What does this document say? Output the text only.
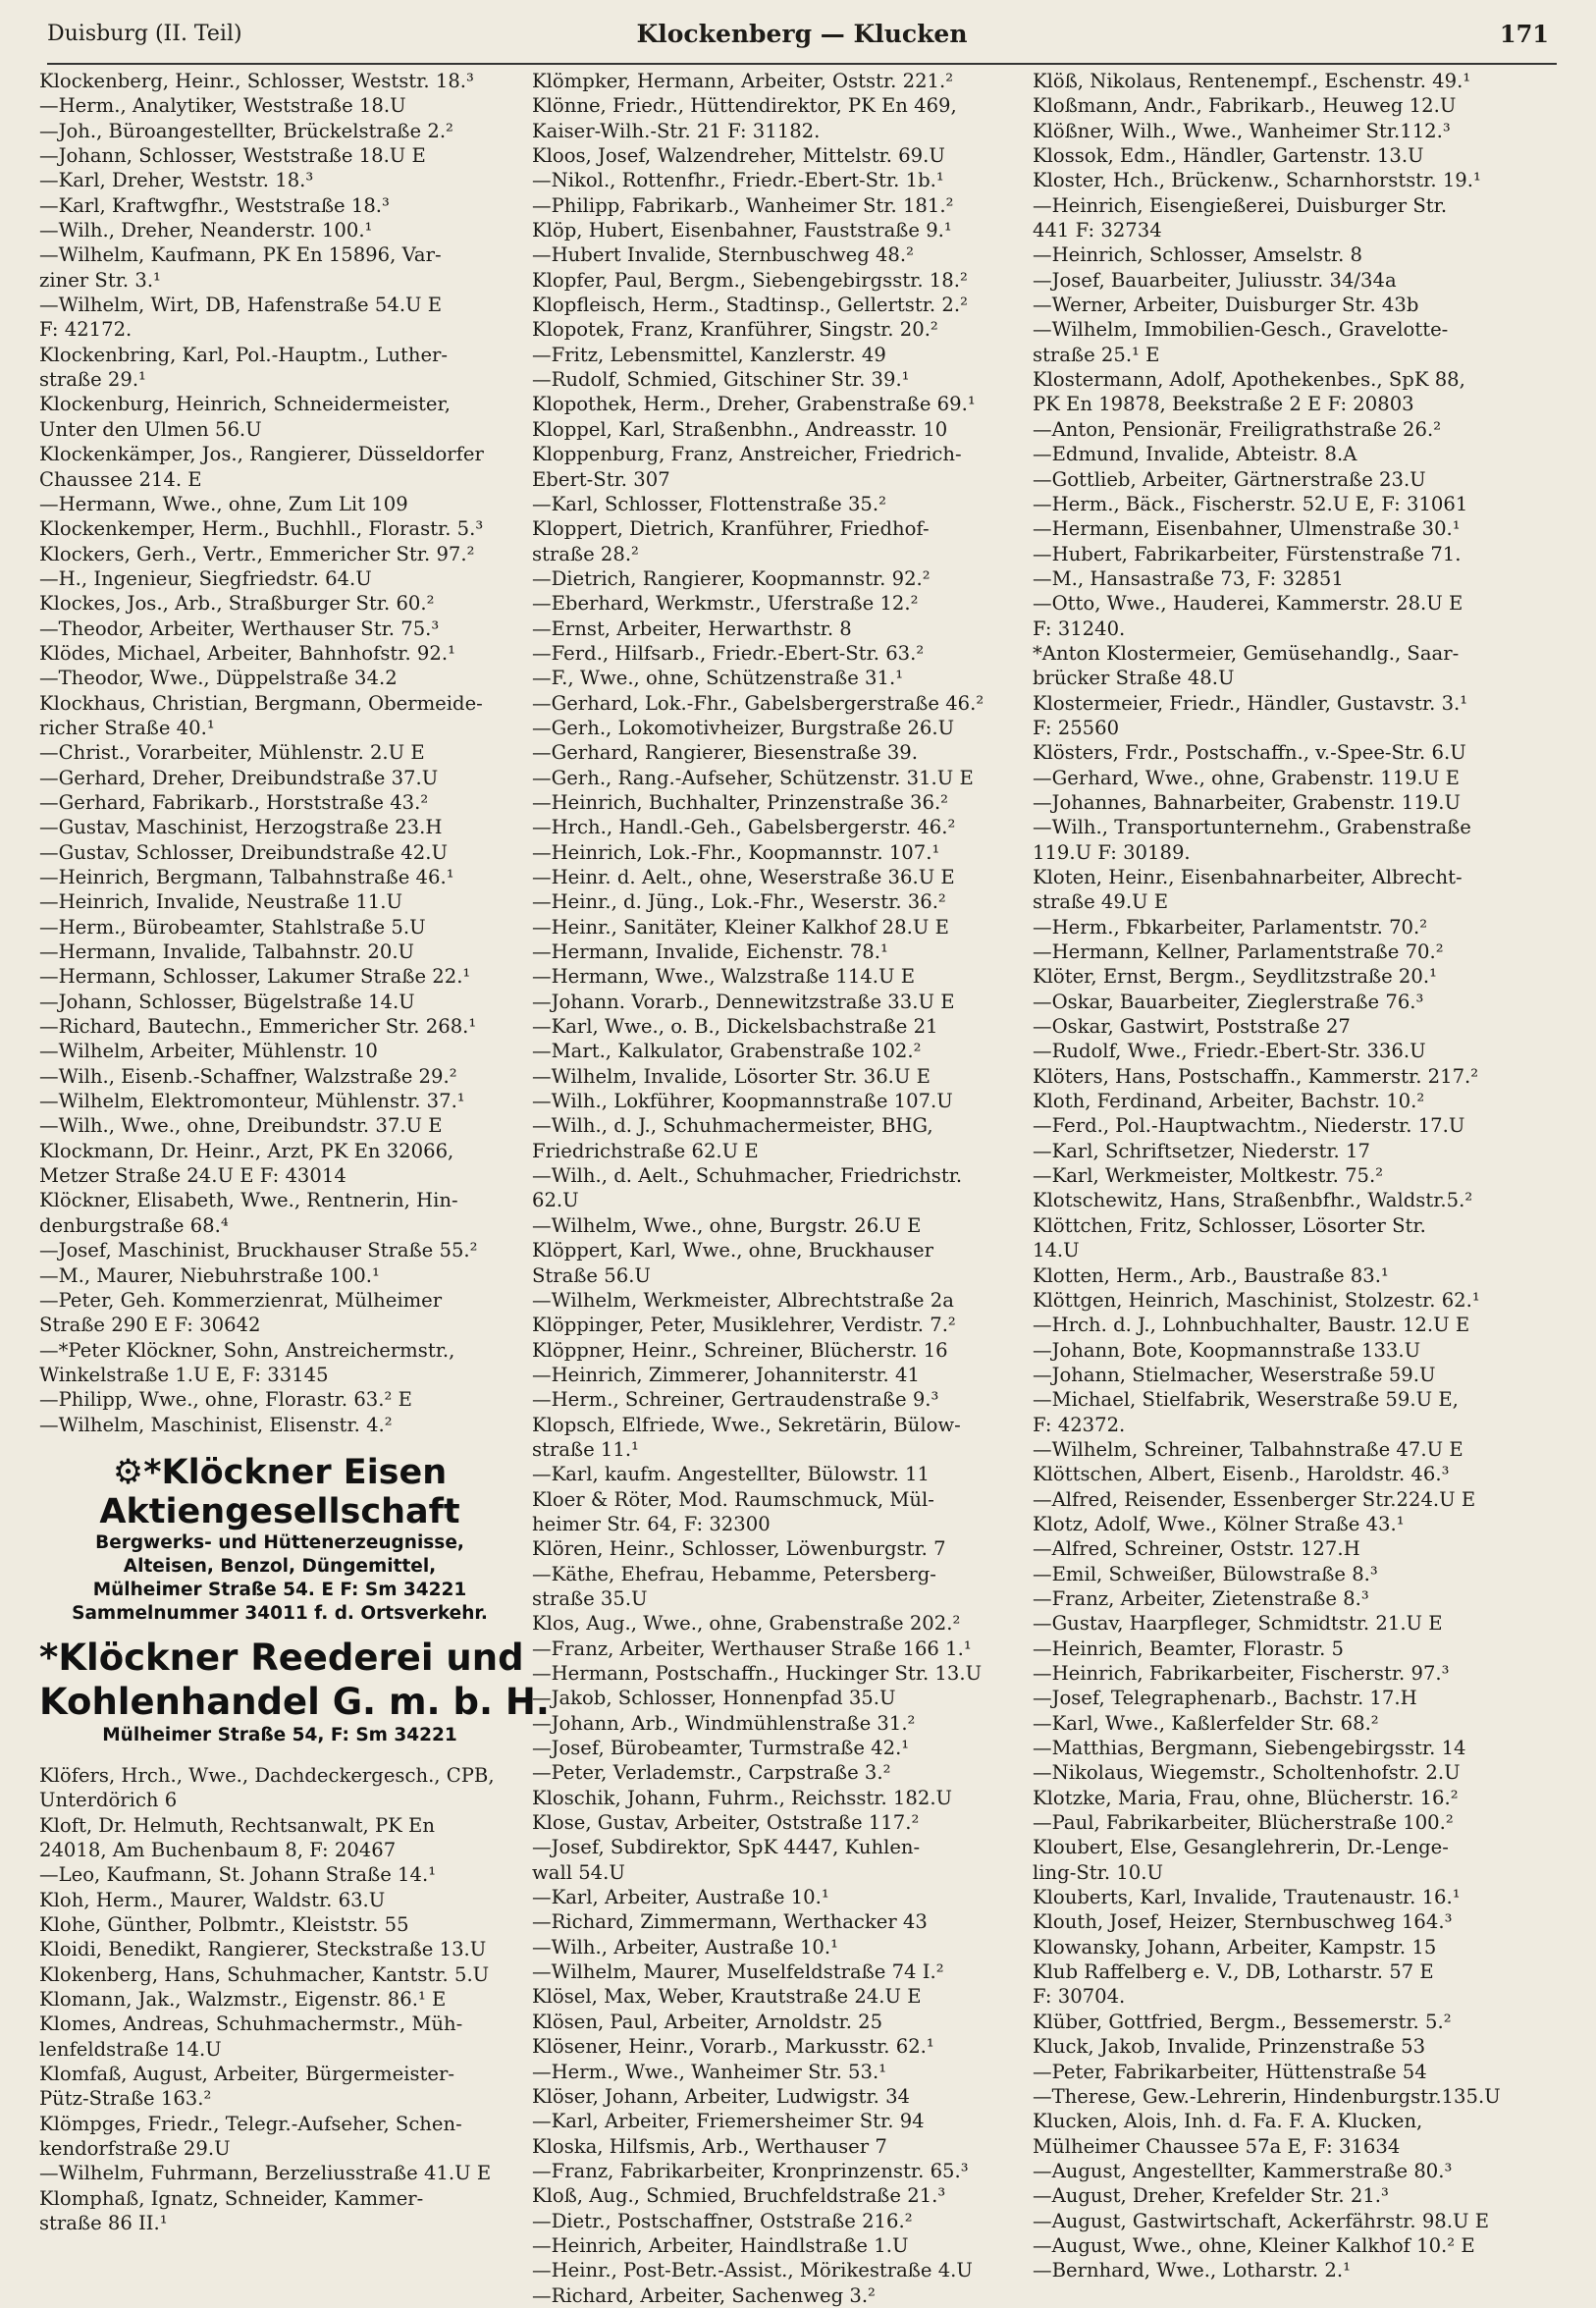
Duisburg (II. Teil)	Klockenberg — Klucken	171
Klockenberg, Heinr., Schlosser, Weststr. 18.³
—Herm., Analytiker, Weststraße 18.U
—Joh., Büroangestellter, Brückelstraße 2.²
—Johann, Schlosser, Weststraße 18.U E
—Karl, Dreher, Weststr. 18.³
—Karl, Kraftwgfhr., Weststraße 18.³
—Wilh., Dreher, Neanderstr. 100.¹
—Wilhelm, Kaufmann, PK En 15896, Var-
ziner Str. 3.¹
—Wilhelm, Wirt, DB, Hafenstraße 54.U E
F: 42172.
Klockenbring, Karl, Pol.-Hauptm., Luther-
straße 29.¹
Klockenburg, Heinrich, Schneidermeister,
Unter den Ulmen 56.U
Klockenkämper, Jos., Rangierer, Düsseldorfer
Chaussee 214. E
—Hermann, Wwe., ohne, Zum Lit 109
Klockenkemper, Herm., Buchhll., Florastr. 5.³
Klockers, Gerh., Vertr., Emmericher Str. 97.²
—H., Ingenieur, Siegfriedstr. 64.U
Klockes, Jos., Arb., Straßburger Str. 60.²
—Theodor, Arbeiter, Werthauser Str. 75.³
Klödes, Michael, Arbeiter, Bahnhofstr. 92.¹
—Theodor, Wwe., Düppelstraße 34.2
Klockhaus, Christian, Bergmann, Obermeide-
richer Straße 40.¹
—Christ., Vorarbeiter, Mühlenstr. 2.U E
—Gerhard, Dreher, Dreibundstraße 37.U
—Gerhard, Fabrikarb., Horststraße 43.²
—Gustav, Maschinist, Herzogstraße 23.H
—Gustav, Schlosser, Dreibundstraße 42.U
—Heinrich, Bergmann, Talbahnstraße 46.¹
—Heinrich, Invalide, Neustraße 11.U
—Herm., Bürobeamter, Stahlstraße 5.U
—Hermann, Invalide, Talbahnstr. 20.U
—Hermann, Schlosser, Lakumer Straße 22.¹
—Johann, Schlosser, Bügelstraße 14.U
—Richard, Bautechn., Emmericher Str. 268.¹
—Wilhelm, Arbeiter, Mühlenstr. 10
—Wilh., Eisenb.-Schaffner, Walzstraße 29.²
—Wilhelm, Elektromonteur, Mühlenstr. 37.¹
—Wilh., Wwe., ohne, Dreibundstr. 37.U E
Klockmann, Dr. Heinr., Arzt, PK En 32066,
Metzer Straße 24.U E F: 43014
Klöckner, Elisabeth, Wwe., Rentnerin, Hin-
denburgstraße 68.⁴
—Josef, Maschinist, Bruckhauser Straße 55.²
—M., Maurer, Niebuhrstraße 100.¹
—Peter, Geh. Kommerzienrat, Mülheimer
Straße 290 E F: 30642
—*Peter Klöckner, Sohn, Anstreichermstr.,
Winkelstraße 1.U E, F: 33145
—Philipp, Wwe., ohne, Florastr. 63.² E
—Wilhelm, Maschinist, Elisenstr. 4.²
⚙*Klöckner Eisen
Aktiengesellschaft
Bergwerks- und Hüttenerzeugnisse,
Alteisen, Benzol, Düngemittel,
Mülheimer Straße 54. E F: Sm 34221
Sammelnummer 34011 f. d. Ortsverkehr.
*Klöckner Reederei und
Kohlenhandel G. m. b. H.
Mülheimer Straße 54, F: Sm 34221
Klöfers, Hrch., Wwe., Dachdeckergesch., CPB,
Unterdörich 6
Kloft, Dr. Helmuth, Rechtsanwalt, PK En
24018, Am Buchenbaum 8, F: 20467
—Leo, Kaufmann, St. Johann Straße 14.¹
Kloh, Herm., Maurer, Waldstr. 63.U
Klohe, Günther, Polbmtr., Kleiststr. 55
Kloidi, Benedikt, Rangierer, Steckstraße 13.U
Klokenberg, Hans, Schuhmacher, Kantstr. 5.U
Klomann, Jak., Walzmstr., Eigenstr. 86.¹ E
Klomes, Andreas, Schuhmachermstr., Müh-
lenfeldstraße 14.U
Klomfaß, August, Arbeiter, Bürgermeister-
Pütz-Straße 163.²
Klömpges, Friedr., Telegr.-Aufseher, Schen-
kendorfstraße 29.U
—Wilhelm, Fuhrmann, Berzeliusstraße 41.U E
Klomphaß, Ignatz, Schneider, Kammer-
straße 86 II.¹
Klömpker, Hermann, Arbeiter, Oststr. 221.²
Klönne, Friedr., Hüttendirektor, PK En 469,
Kaiser-Wilh.-Str. 21 F: 31182.
Kloos, Josef, Walzendreher, Mittelstr. 69.U
—Nikol., Rottenfhr., Friedr.-Ebert-Str. 1b.¹
—Philipp, Fabrikarb., Wanheimer Str. 181.²
Klöp, Hubert, Eisenbahner, Fauststraße 9.¹
—Hubert Invalide, Sternbuschweg 48.²
Klopfer, Paul, Bergm., Siebengebirgsstr. 18.²
Klopfleisch, Herm., Stadtinsp., Gellertstr. 2.²
Klopotek, Franz, Kranführer, Singstr. 20.²
—Fritz, Lebensmittel, Kanzlerstr. 49
—Rudolf, Schmied, Gitschiner Str. 39.¹
Klopothek, Herm., Dreher, Grabenstraße 69.¹
Kloppel, Karl, Straßenbhn., Andreasstr. 10
Kloppenburg, Franz, Anstreicher, Friedrich-
Ebert-Str. 307
—Karl, Schlosser, Flottenstraße 35.²
Kloppert, Dietrich, Kranführer, Friedhof-
straße 28.²
—Dietrich, Rangierer, Koopmannstr. 92.²
—Eberhard, Werkmstr., Uferstraße 12.²
—Ernst, Arbeiter, Herwarthstr. 8
—Ferd., Hilfsarb., Friedr.-Ebert-Str. 63.²
—F., Wwe., ohne, Schützenstraße 31.¹
—Gerhard, Lok.-Fhr., Gabelsbergerstraße 46.²
—Gerh., Lokomotivheizer, Burgstraße 26.U
—Gerhard, Rangierer, Biesenstraße 39.
—Gerh., Rang.-Aufseher, Schützenstr. 31.U E
—Heinrich, Buchhalter, Prinzenstraße 36.²
—Hrch., Handl.-Geh., Gabelsbergerstr. 46.²
—Heinrich, Lok.-Fhr., Koopmannstr. 107.¹
—Heinr. d. Aelt., ohne, Weserstraße 36.U E
—Heinr., d. Jüng., Lok.-Fhr., Weserstr. 36.²
—Heinr., Sanitäter, Kleiner Kalkhof 28.U E
—Hermann, Invalide, Eichenstr. 78.¹
—Hermann, Wwe., Walzstraße 114.U E
—Johann. Vorarb., Dennewitzstraße 33.U E
—Karl, Wwe., o. B., Dickelsbachstraße 21
—Mart., Kalkulator, Grabenstraße 102.²
—Wilhelm, Invalide, Lösorter Str. 36.U E
—Wilh., Lokführer, Koopmannstraße 107.U
—Wilh., d. J., Schuhmachermeister, BHG,
Friedrichstraße 62.U E
—Wilh., d. Aelt., Schuhmacher, Friedrichstr.
62.U
—Wilhelm, Wwe., ohne, Burgstr. 26.U E
Klöppert, Karl, Wwe., ohne, Bruckhauser
Straße 56.U
—Wilhelm, Werkmeister, Albrechtstraße 2a
Klöppinger, Peter, Musiklehrer, Verdistr. 7.²
Klöppner, Heinr., Schreiner, Blücherstr. 16
—Heinrich, Zimmerer, Johanniterstr. 41
—Herm., Schreiner, Gertraudenstraße 9.³
Klopsch, Elfriede, Wwe., Sekretärin, Bülow-
straße 11.¹
—Karl, kaufm. Angestellter, Bülowstr. 11
Kloer & Röter, Mod. Raumschmuck, Mül-
heimer Str. 64, F: 32300
Klören, Heinr., Schlosser, Löwenburgstr. 7
—Käthe, Ehefrau, Hebamme, Petersberg-
straße 35.U
Klos, Aug., Wwe., ohne, Grabenstraße 202.²
—Franz, Arbeiter, Werthauser Straße 166 1.¹
—Hermann, Postschaffn., Huckinger Str. 13.U
—Jakob, Schlosser, Honnenpfad 35.U
—Johann, Arb., Windmühlenstraße 31.²
—Josef, Bürobeamter, Turmstraße 42.¹
—Peter, Verlademstr., Carpstraße 3.²
Kloschik, Johann, Fuhrm., Reichsstr. 182.U
Klose, Gustav, Arbeiter, Oststraße 117.²
—Josef, Subdirektor, SpK 4447, Kuhlen-
wall 54.U
—Karl, Arbeiter, Austraße 10.¹
—Richard, Zimmermann, Werthacker 43
—Wilh., Arbeiter, Austraße 10.¹
—Wilhelm, Maurer, Muselfeldstraße 74 I.²
Klösel, Max, Weber, Krautstraße 24.U E
Klösen, Paul, Arbeiter, Arnoldstr. 25
Klösener, Heinr., Vorarb., Markusstr. 62.¹
—Herm., Wwe., Wanheimer Str. 53.¹
Klöser, Johann, Arbeiter, Ludwigstr. 34
—Karl, Arbeiter, Friemersheimer Str. 94
Kloska, Hilfsmis, Arb., Werthauser 7
—Franz, Fabrikarbeiter, Kronprinzenstr. 65.³
Kloß, Aug., Schmied, Bruchfeldstraße 21.³
—Dietr., Postschaffner, Oststraße 216.²
—Heinrich, Arbeiter, Haindlstraße 1.U
—Heinr., Post-Betr.-Assist., Mörikestraße 4.U
—Richard, Arbeiter, Sachenweg 3.²
Klöß, Nikolaus, Rentenempf., Eschenstr. 49.¹
Kloßmann, Andr., Fabrikarb., Heuweg 12.U
Klößner, Wilh., Wwe., Wanheimer Str.112.³
Klossok, Edm., Händler, Gartenstr. 13.U
Kloster, Hch., Brückenw., Scharnhorststr. 19.¹
—Heinrich, Eisengießerei, Duisburger Str.
441 F: 32734
—Heinrich, Schlosser, Amselstr. 8
—Josef, Bauarbeiter, Juliusstr. 34/34a
—Werner, Arbeiter, Duisburger Str. 43b
—Wilhelm, Immobilien-Gesch., Gravelotte-
straße 25.¹ E
Klostermann, Adolf, Apothekenbes., SpK 88,
PK En 19878, Beekstraße 2 E F: 20803
—Anton, Pensionär, Freiligrathstraße 26.²
—Edmund, Invalide, Abteistr. 8.A
—Gottlieb, Arbeiter, Gärtnerstraße 23.U
—Herm., Bäck., Fischerstr. 52.U E, F: 31061
—Hermann, Eisenbahner, Ulmenstraße 30.¹
—Hubert, Fabrikarbeiter, Fürstenstraße 71.
—M., Hansastraße 73, F: 32851
—Otto, Wwe., Hauderei, Kammerstr. 28.U E
F: 31240.
*Anton Klostermeier, Gemüsehandlg., Saar-
brücker Straße 48.U
Klostermeier, Friedr., Händler, Gustavstr. 3.¹
F: 25560
Klösters, Frdr., Postschaffn., v.-Spee-Str. 6.U
—Gerhard, Wwe., ohne, Grabenstr. 119.U E
—Johannes, Bahnarbeiter, Grabenstr. 119.U
—Wilh., Transportunternehm., Grabenstraße
119.U F: 30189.
Kloten, Heinr., Eisenbahnarbeiter, Albrecht-
straße 49.U E
—Herm., Fbkarbeiter, Parlamentstr. 70.²
—Hermann, Kellner, Parlamentstraße 70.²
Klöter, Ernst, Bergm., Seydlitzstraße 20.¹
—Oskar, Bauarbeiter, Zieglerstraße 76.³
—Oskar, Gastwirt, Poststraße 27
—Rudolf, Wwe., Friedr.-Ebert-Str. 336.U
Klöters, Hans, Postschaffn., Kammerstr. 217.²
Kloth, Ferdinand, Arbeiter, Bachstr. 10.²
—Ferd., Pol.-Hauptwachtm., Niederstr. 17.U
—Karl, Schriftsetzer, Niederstr. 17
—Karl, Werkmeister, Moltkestr. 75.²
Klotschewitz, Hans, Straßenbfhr., Waldstr.5.²
Klöttchen, Fritz, Schlosser, Lösorter Str.
14.U
Klotten, Herm., Arb., Baustraße 83.¹
Klöttgen, Heinrich, Maschinist, Stolzestr. 62.¹
—Hrch. d. J., Lohnbuchhalter, Baustr. 12.U E
—Johann, Bote, Koopmannstraße 133.U
—Johann, Stielmacher, Weserstraße 59.U
—Michael, Stielfabrik, Weserstraße 59.U E,
F: 42372.
—Wilhelm, Schreiner, Talbahnstraße 47.U E
Klöttschen, Albert, Eisenb., Haroldstr. 46.³
—Alfred, Reisender, Essenberger Str.224.U E
Klotz, Adolf, Wwe., Kölner Straße 43.¹
—Alfred, Schreiner, Oststr. 127.H
—Emil, Schweißer, Bülowstraße 8.³
—Franz, Arbeiter, Zietenstraße 8.³
—Gustav, Haarpfleger, Schmidtstr. 21.U E
—Heinrich, Beamter, Florastr. 5
—Heinrich, Fabrikarbeiter, Fischerstr. 97.³
—Josef, Telegraphenarb., Bachstr. 17.H
—Karl, Wwe., Kaßlerfelder Str. 68.²
—Matthias, Bergmann, Siebengebirgsstr. 14
—Nikolaus, Wiegemstr., Scholtenhofstr. 2.U
Klotzke, Maria, Frau, ohne, Blücherstr. 16.²
—Paul, Fabrikarbeiter, Blücherstraße 100.²
Kloubert, Else, Gesanglehrerin, Dr.-Lenge-
ling-Str. 10.U
Klouberts, Karl, Invalide, Trautenaustr. 16.¹
Klouth, Josef, Heizer, Sternbuschweg 164.³
Klowansky, Johann, Arbeiter, Kampstr. 15
Klub Raffelberg e. V., DB, Lotharstr. 57 E
F: 30704.
Klüber, Gottfried, Bergm., Bessemerstr. 5.²
Kluck, Jakob, Invalide, Prinzenstraße 53
—Peter, Fabrikarbeiter, Hüttenstraße 54
—Therese, Gew.-Lehrerin, Hindenburgstr.135.U
Klucken, Alois, Inh. d. Fa. F. A. Klucken,
Mülheimer Chaussee 57a E, F: 31634
—August, Angestellter, Kammerstraße 80.³
—August, Dreher, Krefelder Str. 21.³
—August, Gastwirtschaft, Ackerfährstr. 98.U E
—August, Wwe., ohne, Kleiner Kalkhof 10.² E
—Bernhard, Wwe., Lotharstr. 2.¹
